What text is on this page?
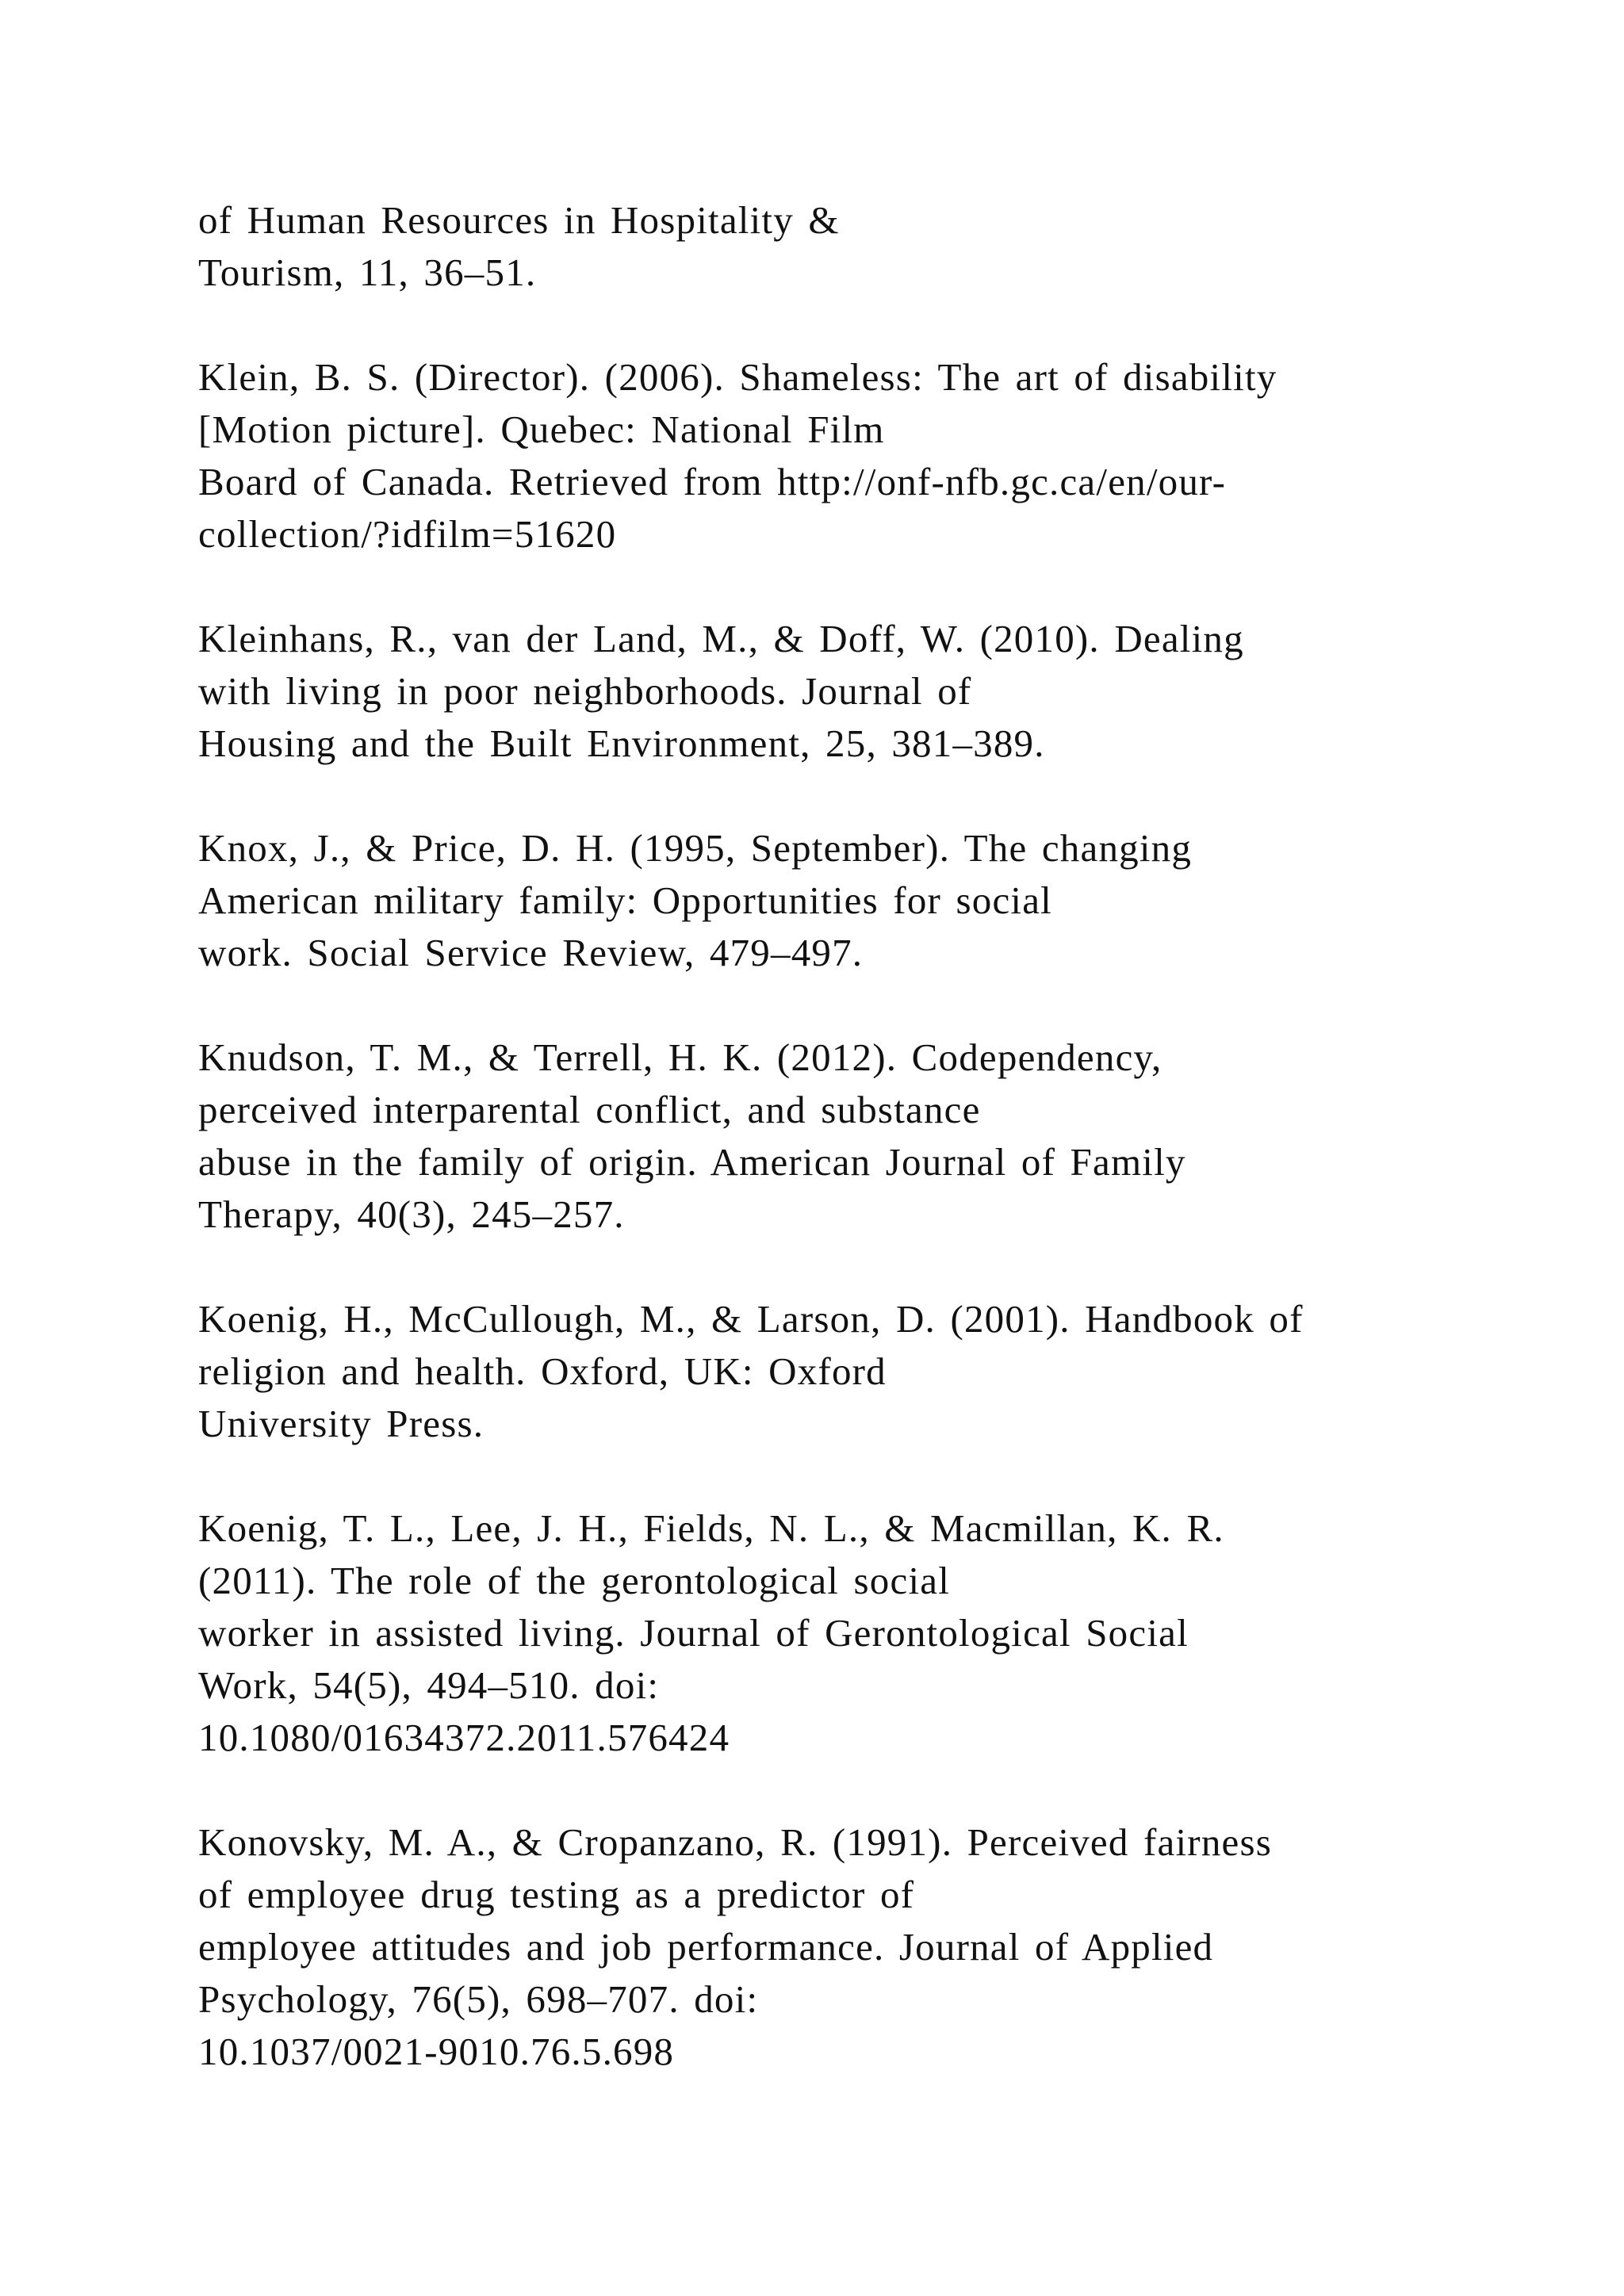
of Human Resources in Hospitality &
Tourism, 11, 36–51.
Klein, B. S. (Director). (2006). Shameless: The art of disability
[Motion picture]. Quebec: National Film
Board of Canada. Retrieved from http://onf-nfb.gc.ca/en/our-
collection/?idfilm=51620
Kleinhans, R., van der Land, M., & Doff, W. (2010). Dealing
with living in poor neighborhoods. Journal of
Housing and the Built Environment, 25, 381–389.
Knox, J., & Price, D. H. (1995, September). The changing
American military family: Opportunities for social
work. Social Service Review, 479–497.
Knudson, T. M., & Terrell, H. K. (2012). Codependency,
perceived interparental conflict, and substance
abuse in the family of origin. American Journal of Family
Therapy, 40(3), 245–257.
Koenig, H., McCullough, M., & Larson, D. (2001). Handbook of
religion and health. Oxford, UK: Oxford
University Press.
Koenig, T. L., Lee, J. H., Fields, N. L., & Macmillan, K. R.
(2011). The role of the gerontological social
worker in assisted living. Journal of Gerontological Social
Work, 54(5), 494–510. doi:
10.1080/01634372.2011.576424
Konovsky, M. A., & Cropanzano, R. (1991). Perceived fairness
of employee drug testing as a predictor of
employee attitudes and job performance. Journal of Applied
Psychology, 76(5), 698–707. doi:
10.1037/0021-9010.76.5.698
